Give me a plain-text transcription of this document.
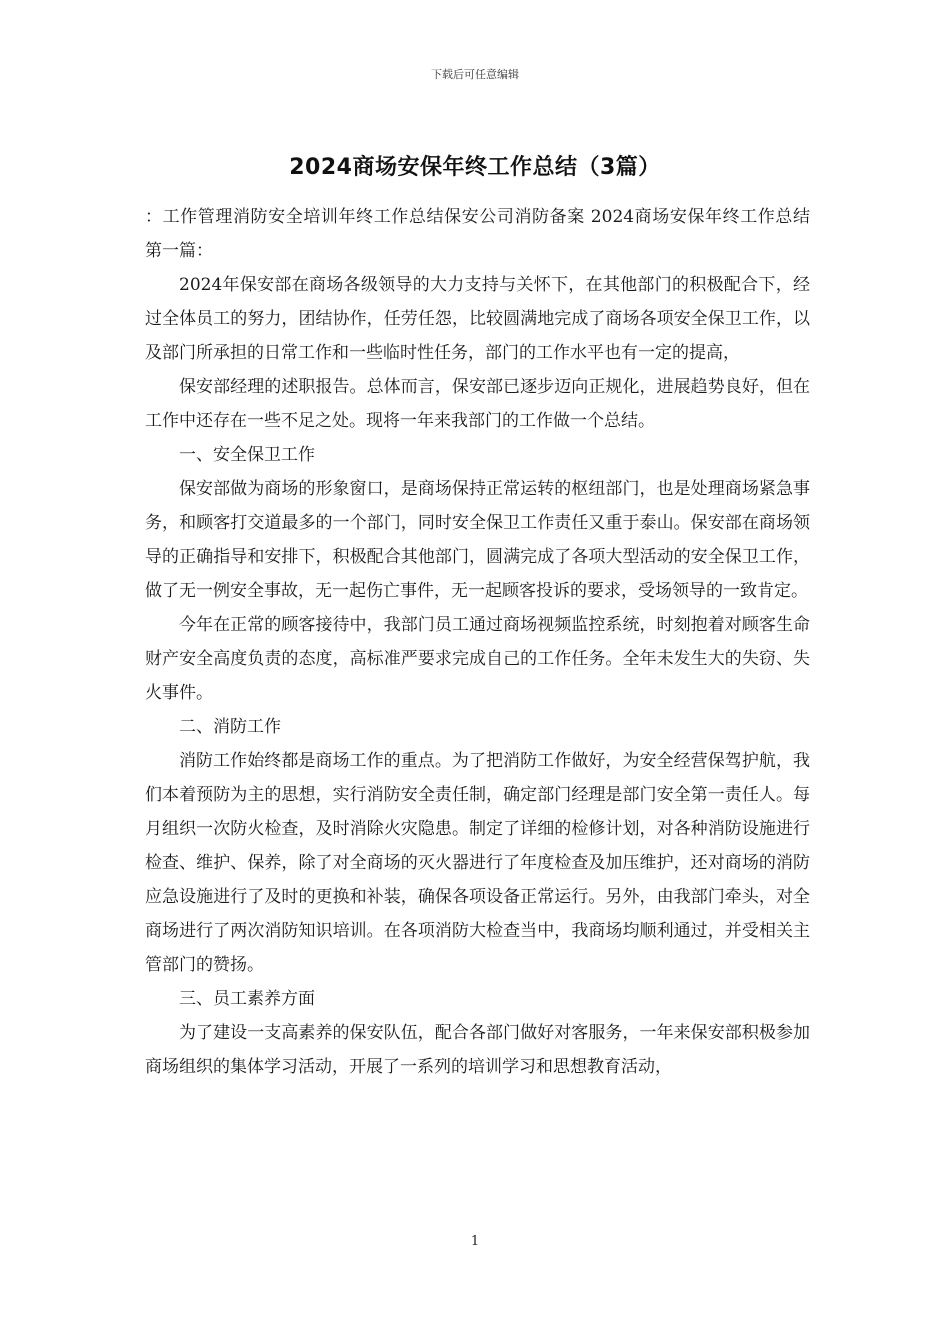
下载后可任意编辑
2024商场安保年终工作总结（3篇）

：工作管理消防安全培训年终工作总结保安公司消防备案 2024商场安保年终工作总结 第一篇：

2024年保安部在商场各级领导的大力支持与关怀下，在其他部门的积极配合下，经过全体员工的努力，团结协作，任劳任怨，比较圆满地完成了商场各项安全保卫工作，以及部门所承担的日常工作和一些临时性任务，部门的工作水平也有一定的提高，

保安部经理的述职报告。总体而言，保安部已逐步迈向正规化，进展趋势良好，但在工作中还存在一些不足之处。现将一年来我部门的工作做一个总结。

一、安全保卫工作

保安部做为商场的形象窗口，是商场保持正常运转的枢纽部门，也是处理商场紧急事务，和顾客打交道最多的一个部门，同时安全保卫工作责任又重于泰山。保安部在商场领导的正确指导和安排下，积极配合其他部门，圆满完成了各项大型活动的安全保卫工作，做了无一例安全事故，无一起伤亡事件，无一起顾客投诉的要求，受场领导的一致肯定。

今年在正常的顾客接待中，我部门员工通过商场视频监控系统，时刻抱着对顾客生命财产安全高度负责的态度，高标准严要求完成自己的工作任务。全年未发生大的失窃、失火事件。

二、消防工作

消防工作始终都是商场工作的重点。为了把消防工作做好，为安全经营保驾护航，我们本着预防为主的思想，实行消防安全责任制，确定部门经理是部门安全第一责任人。每月组织一次防火检查，及时消除火灾隐患。制定了详细的检修计划，对各种消防设施进行检查、维护、保养，除了对全商场的灭火器进行了年度检查及加压维护，还对商场的消防应急设施进行了及时的更换和补装，确保各项设备正常运行。另外，由我部门牵头，对全商场进行了两次消防知识培训。在各项消防大检查当中，我商场均顺利通过，并受相关主管部门的赞扬。

三、员工素养方面

为了建设一支高素养的保安队伍，配合各部门做好对客服务，一年来保安部积极参加商场组织的集体学习活动，开展了一系列的培训学习和思想教育活动，

1
